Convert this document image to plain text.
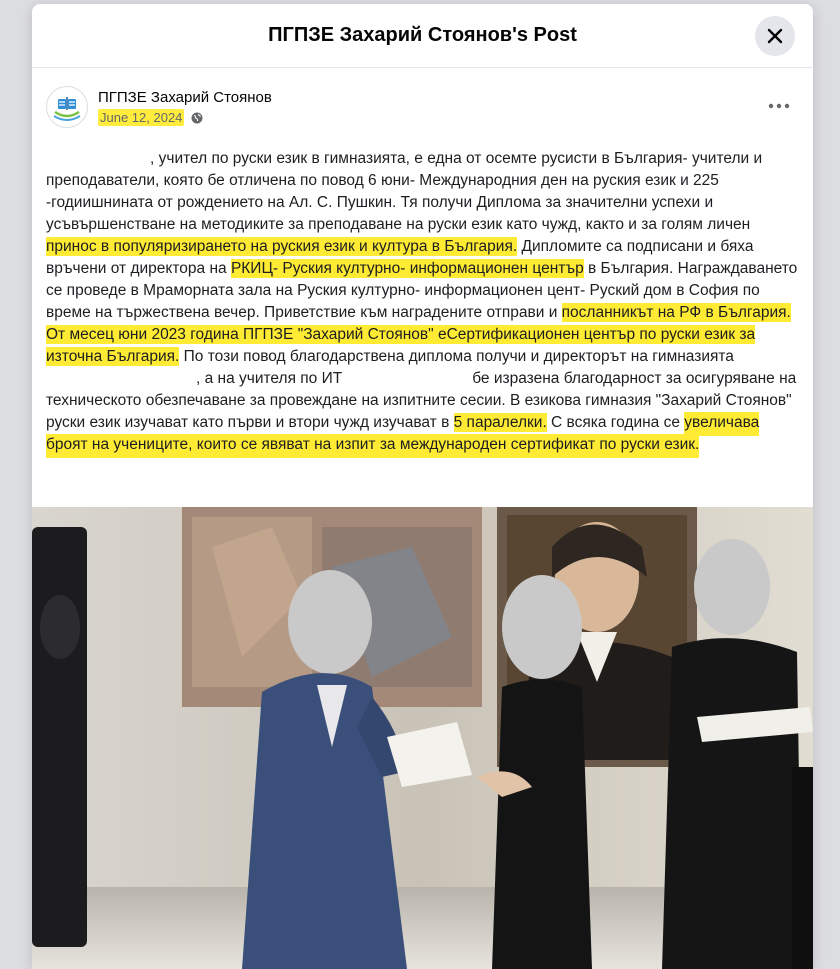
ПГПЗЕ Захарий Стоянов's Post
ПГПЗЕ Захарий Стоянов
June 12, 2024
, учител по руски език в гимназията, е една от осемте русисти в България- учители и преподаватели, която бе отличена по повод 6 юни- Международния ден на руския език и 225 -годиишнината от рождението на Ал. С. Пушкин. Тя получи Диплома за значителни успехи и усъвършенстване на методиките за преподаване на руски език като чужд, както и за голям личен принос в популяризирането на руския език и култура в България. Дипломите са подписани и бяха връчени от директора на РКИЦ- Руския културно- информационен център в България. Награждаването се проведе в Мраморната зала на Руския културно- информационен цент- Руский дом в София по време на тържествена вечер. Приветствие към наградените отправи и посланникът на РФ в България. От месец юни 2023 година ПГПЗЕ "Захарий Стоянов" еСертификационен център по руски език за източна България. По този повод благодарствена диплома получи и директорът на гимназията, а на учителя по ИТ	бе изразена благодарност за осигуряване на техническото обезпечаване за провеждане на изпитните сесии. В езикова гимназия "Захарий Стоянов" руски език изучават като първи и втори чужд изучават в 5 паралелки. С всяка година се увеличава броят на учениците, които се явяват на изпит за международен сертификат по руски език.
